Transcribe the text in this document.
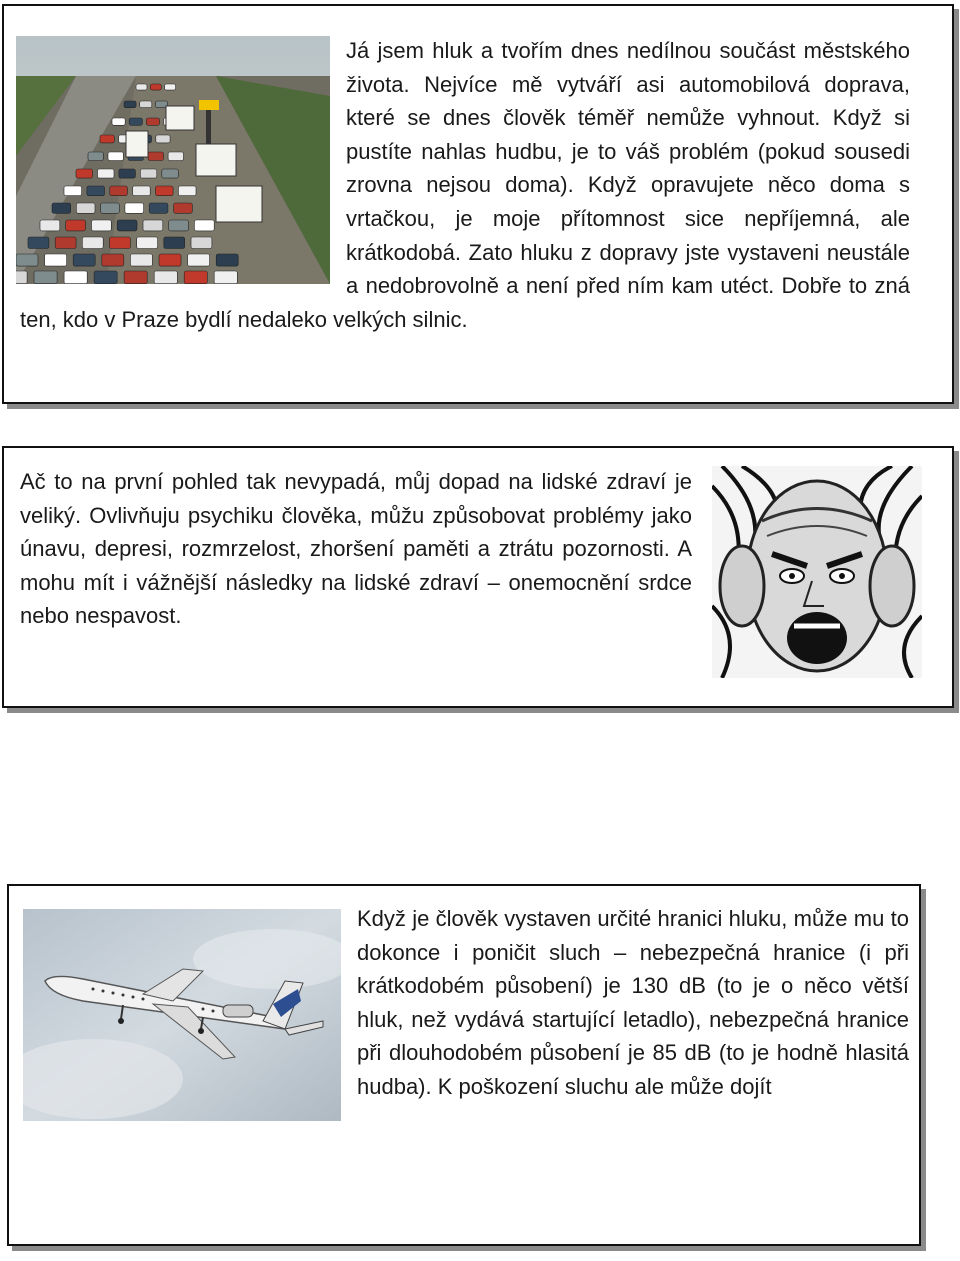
Já jsem hluk a tvořím dnes nedílnou součást městského života. Nejvíce mě vytváří asi automobilová doprava, které se dnes člověk téměř nemůže vyhnout. Když si pustíte nahlas hudbu, je to váš problém (pokud sousedi zrovna nejsou doma). Když opravujete něco doma s vrtačkou, je moje přítomnost sice nepříjemná, ale krátkodobá. Zato hluku z dopravy jste vystaveni neustále a nedobrovolně a není před ním kam utéct. Dobře to zná ten, kdo v Praze bydlí nedaleko velkých silnic.
Ač to na první pohled tak nevypadá, můj dopad na lidské zdraví je veliký. Ovlivňuju psychiku člověka, můžu způsobovat problémy jako únavu, depresi, rozmrzelost, zhoršení paměti a ztrátu pozornosti. A mohu mít i vážnější následky na lidské zdraví – onemocnění srdce nebo nespavost.
Když je člověk vystaven určité hranici hluku, může mu to dokonce i poničit sluch – nebezpečná hranice (i při krátkodobém působení) je 130 dB (to je o něco větší hluk, než vydává startující letadlo), nebezpečná hranice při dlouhodobém působení je 85 dB (to je hodně hlasitá hudba). K poškození sluchu ale může dojít
